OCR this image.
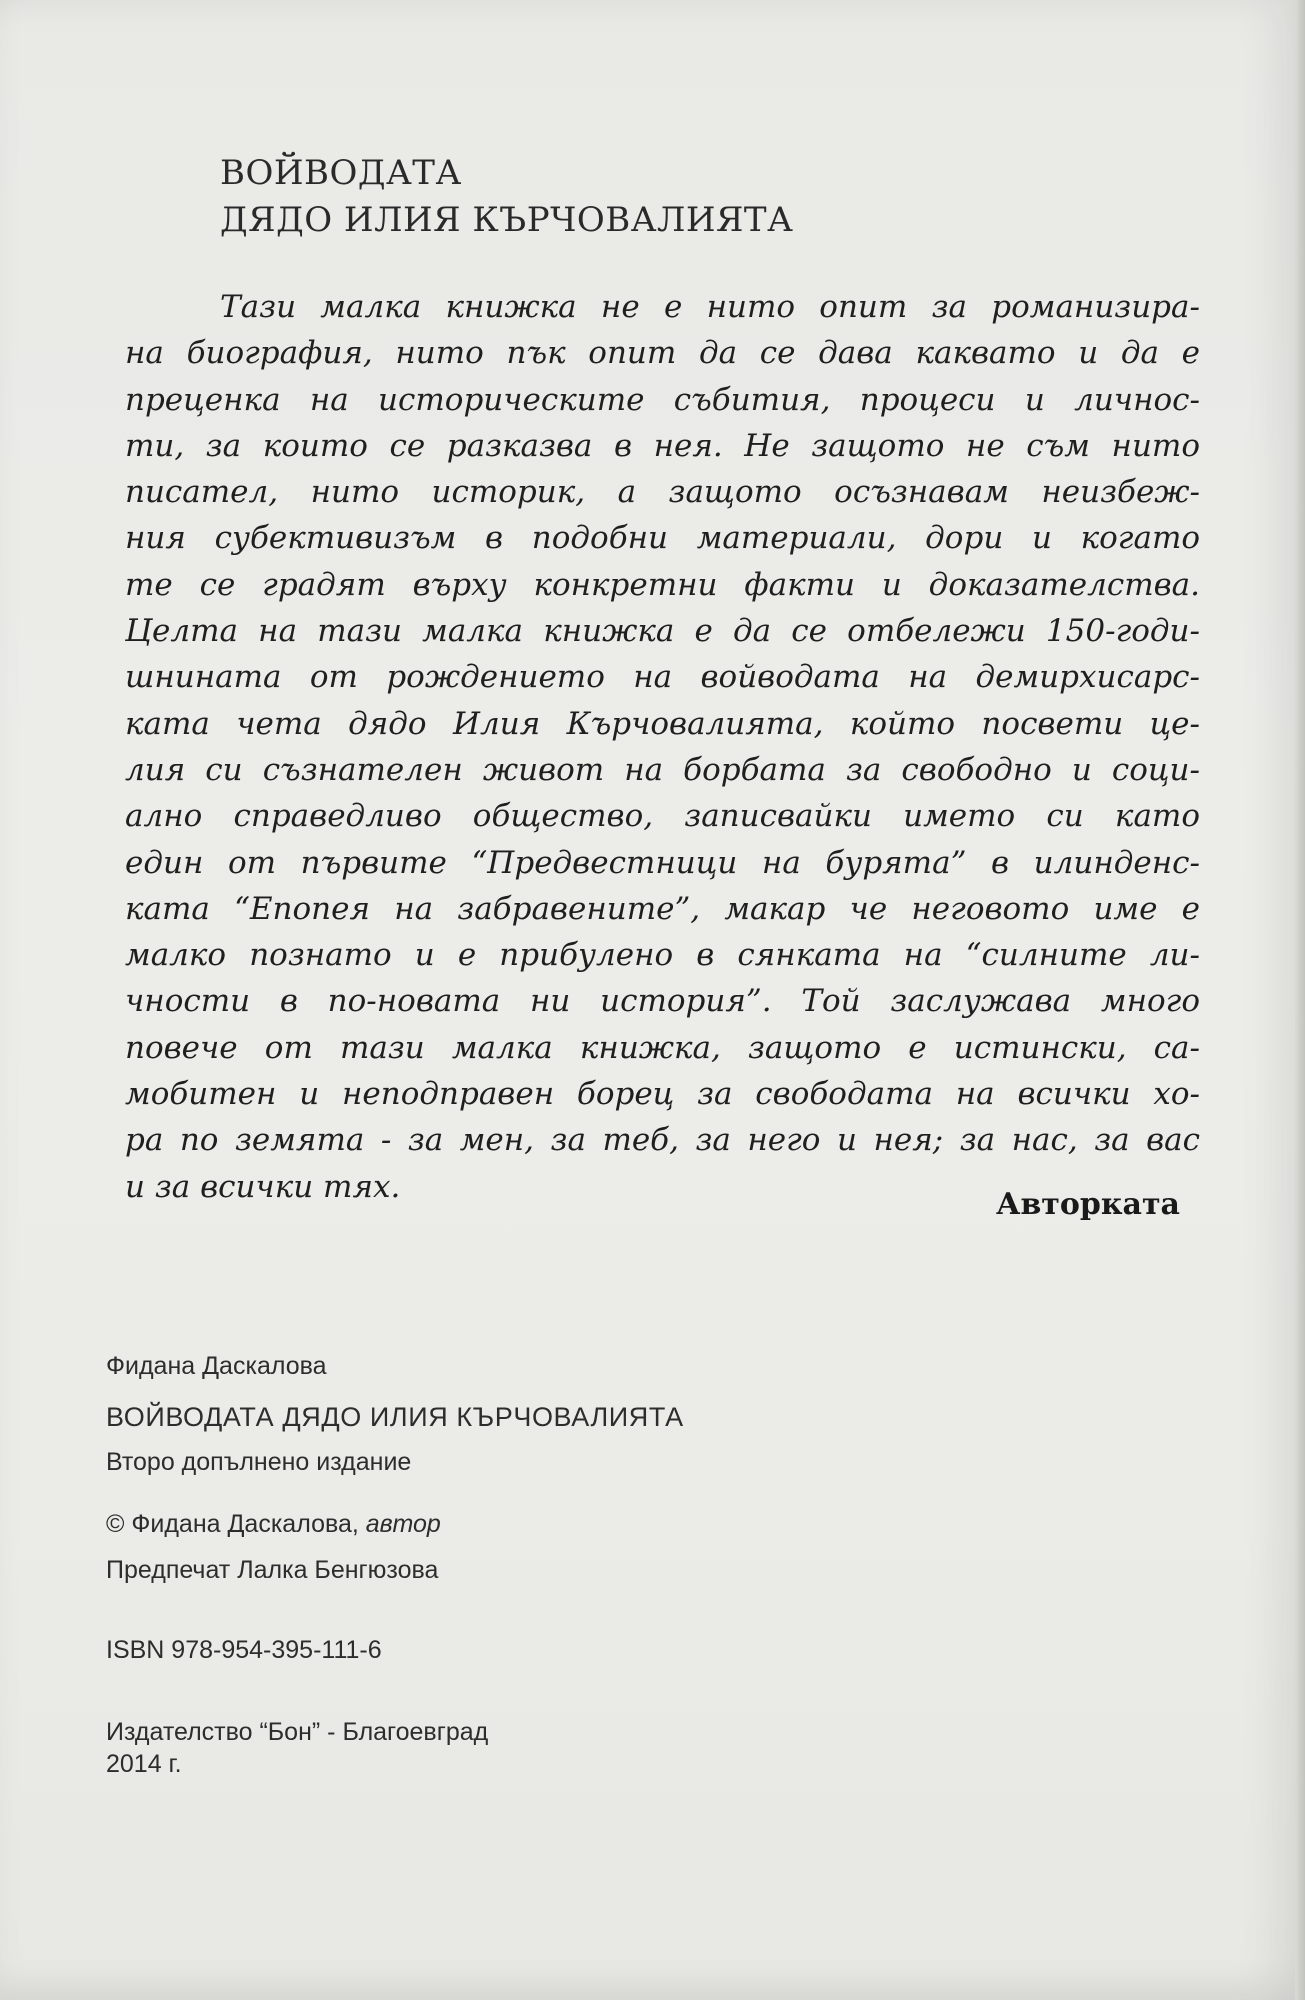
ВОЙВОДАТА
ДЯДО ИЛИЯ КЪРЧОВАЛИЯТА
Тази малка книжка не е нито опит за романизира-
на биография, нито пък опит да се дава каквато и да е
преценка на историческите събития, процеси и личнос-
ти, за които се разказва в нея. Не защото не съм нито
писател, нито историк, а защото осъзнавам неизбеж-
ния субективизъм в подобни материали, дори и когато
те се градят върху конкретни факти и доказателства.
Целта на тази малка книжка е да се отбележи 150-годи-
шнината от рождението на войводата на демирхисарс-
ката чета дядо Илия Кърчовалията, който посвети це-
лия си съзнателен живот на борбата за свободно и соци-
ално справедливо общество, записвайки името си като
един от първите “Предвестници на бурята” в илинденс-
ката “Епопея на забравените”, макар че неговото име е
малко познато и е прибулено в сянката на “силните ли-
чности в по-новата ни история”. Той заслужава много
повече от тази малка книжка, защото е истински, са-
мобитен и неподправен борец за свободата на всички хо-
ра по земята - за мен, за теб, за него и нея; за нас, за вас
и за всички тях.	Авторката
Фидана Даскалова
ВОЙВОДАТА ДЯДО ИЛИЯ КЪРЧОВАЛИЯТА
Второ допълнено издание
© Фидана Даскалова, автор
Предпечат Лалка Бенгюзова
ISBN 978-954-395-111-6
Издателство “Бон” - Благоевград
2014 г.
